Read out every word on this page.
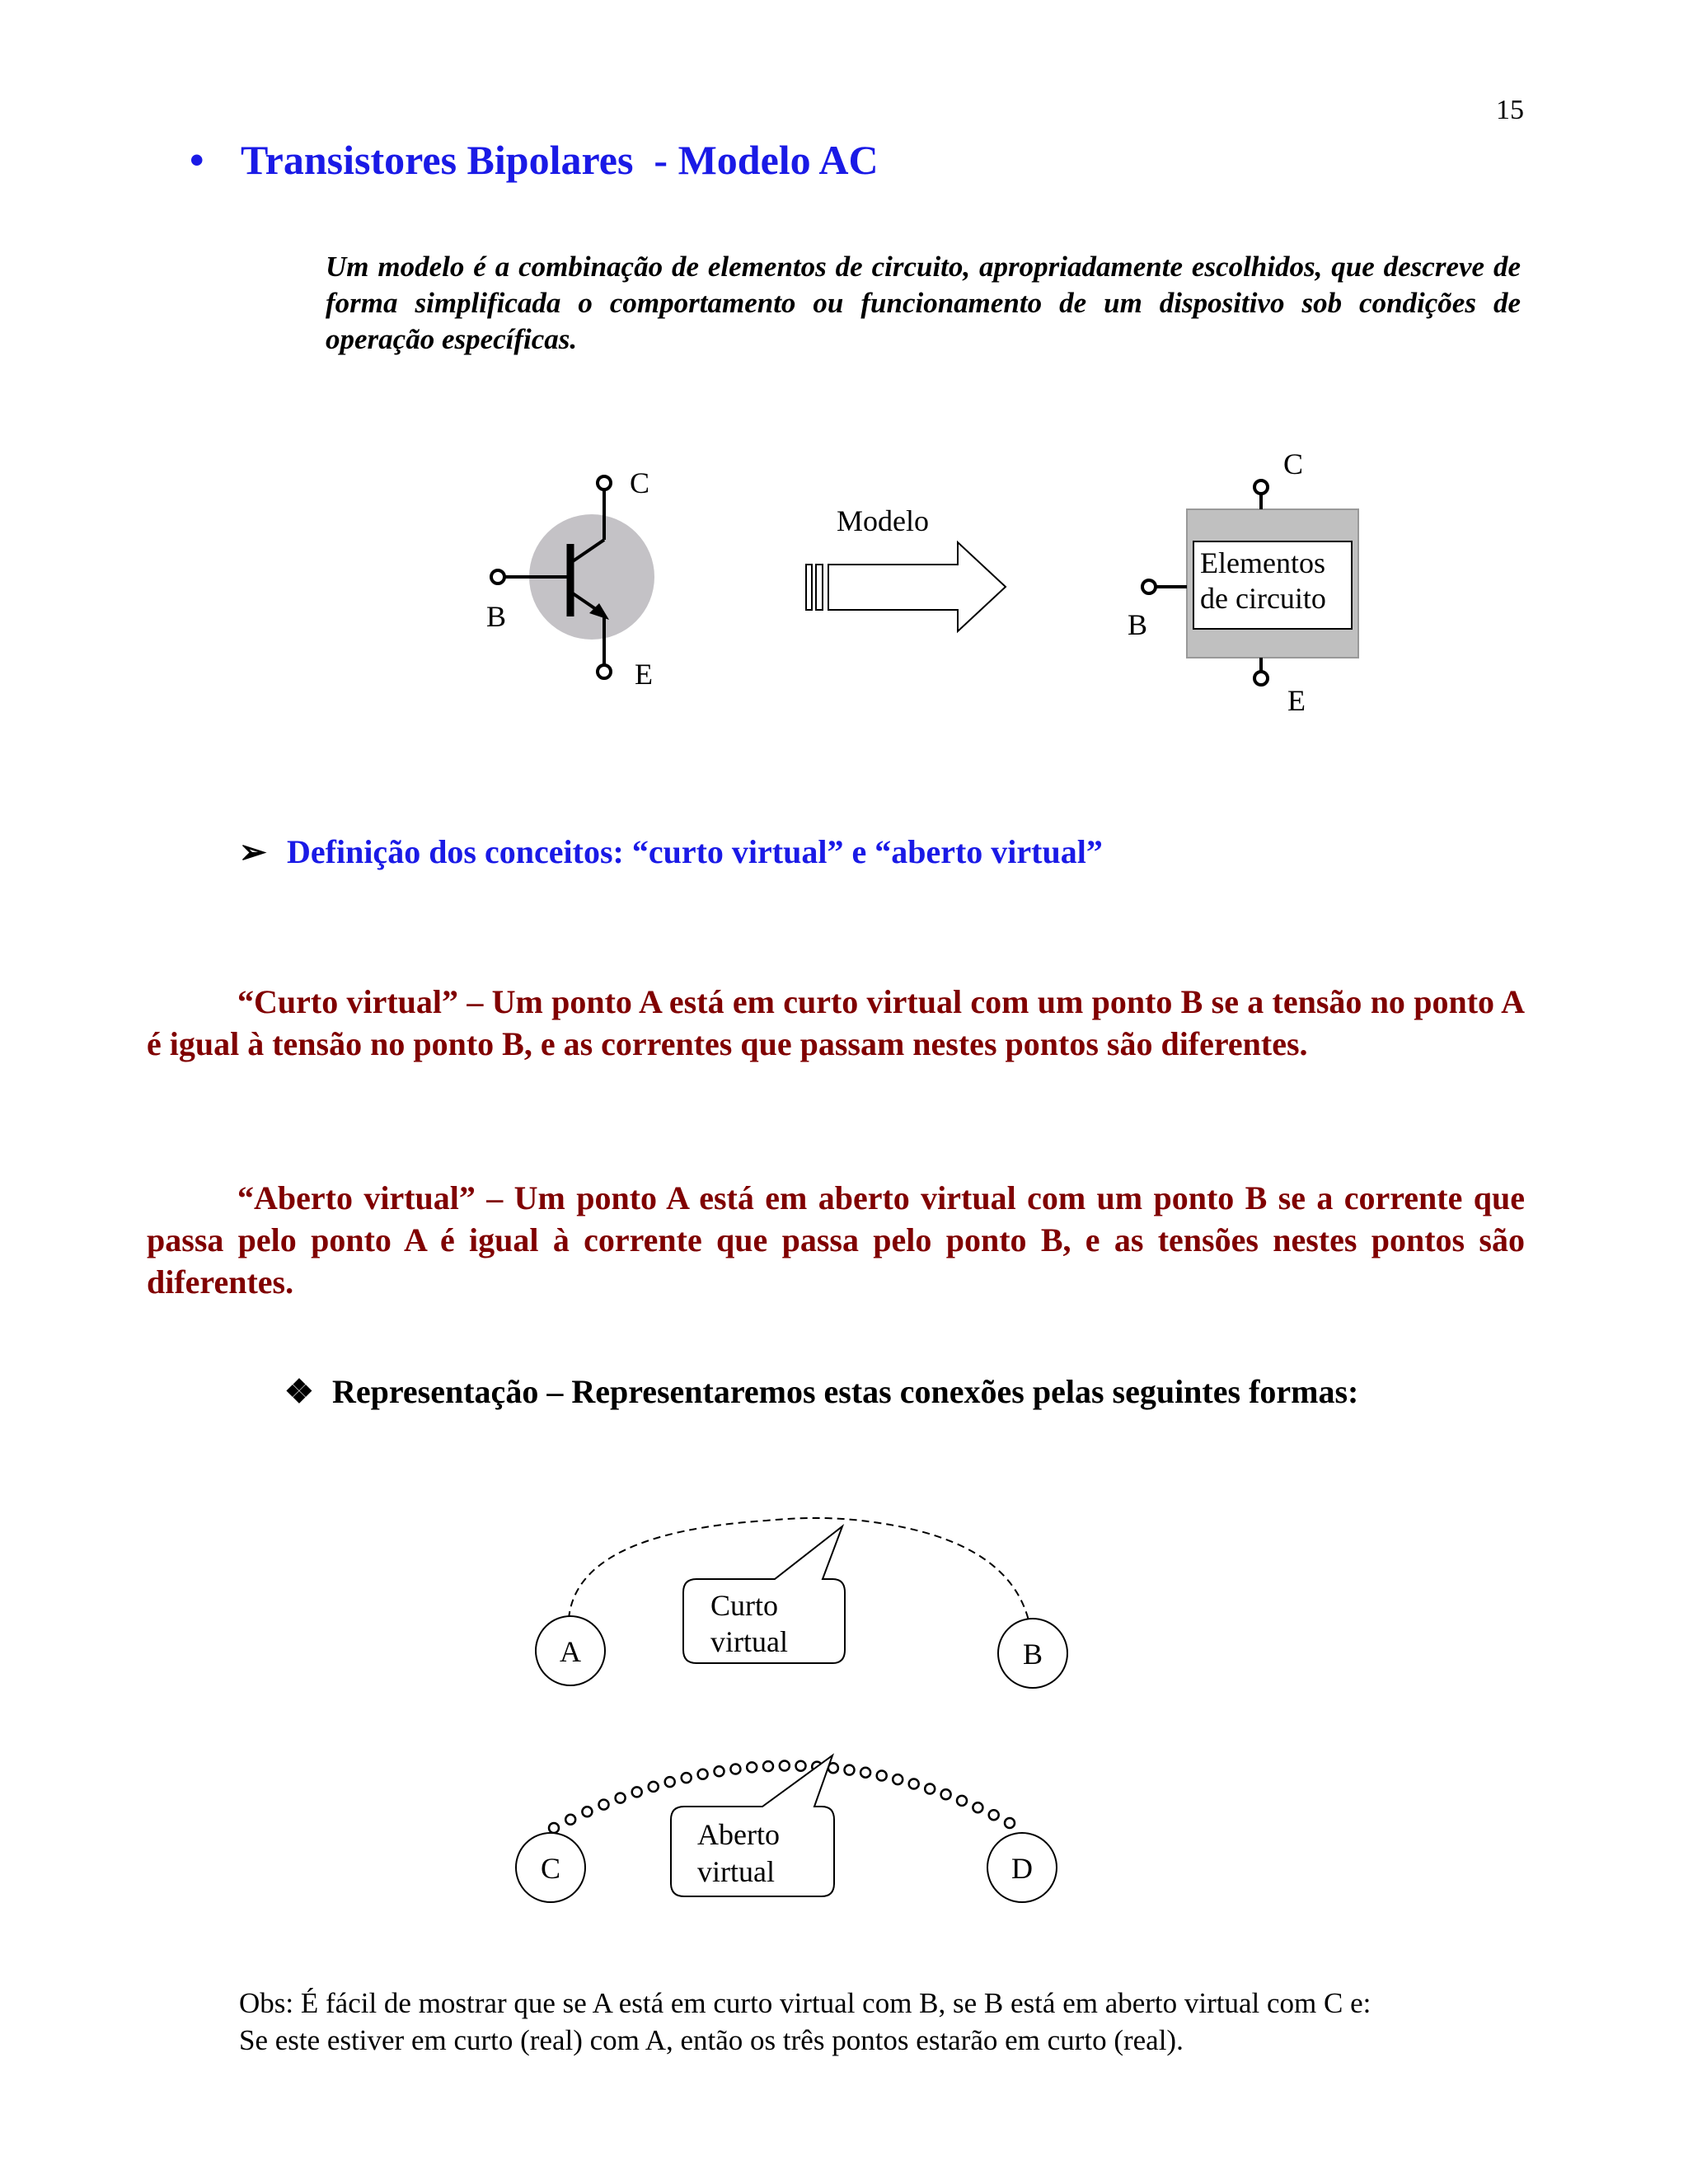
15
• Transistores Bipolares  - Modelo AC
Um modelo é a combinação de elementos de circuito, apropriadamente escolhidos, que descreve de forma simplificada o comportamento ou funcionamento de um dispositivo sob condições de operação específicas.
C
B
E
Modelo
Elementos
de circuito
C
B
E
A	B
Curto
virtual
C	D
Aberto
virtual
➢ Definição dos conceitos: “curto virtual” e “aberto virtual”
“Curto virtual” – Um ponto A está em curto virtual com um ponto B se a tensão no ponto A é igual à tensão no ponto B, e as correntes que passam nestes pontos são diferentes.
“Aberto virtual” – Um ponto A está em aberto virtual com um ponto B se a corrente que passa pelo ponto A é igual à corrente que passa pelo ponto B, e as tensões nestes pontos são diferentes.
❖ Representação – Representaremos estas conexões pelas seguintes formas:
Obs: É fácil de mostrar que se A está em curto virtual com B, se B está em aberto virtual com C e:
Se este estiver em curto (real) com A, então os três pontos estarão em curto (real).
